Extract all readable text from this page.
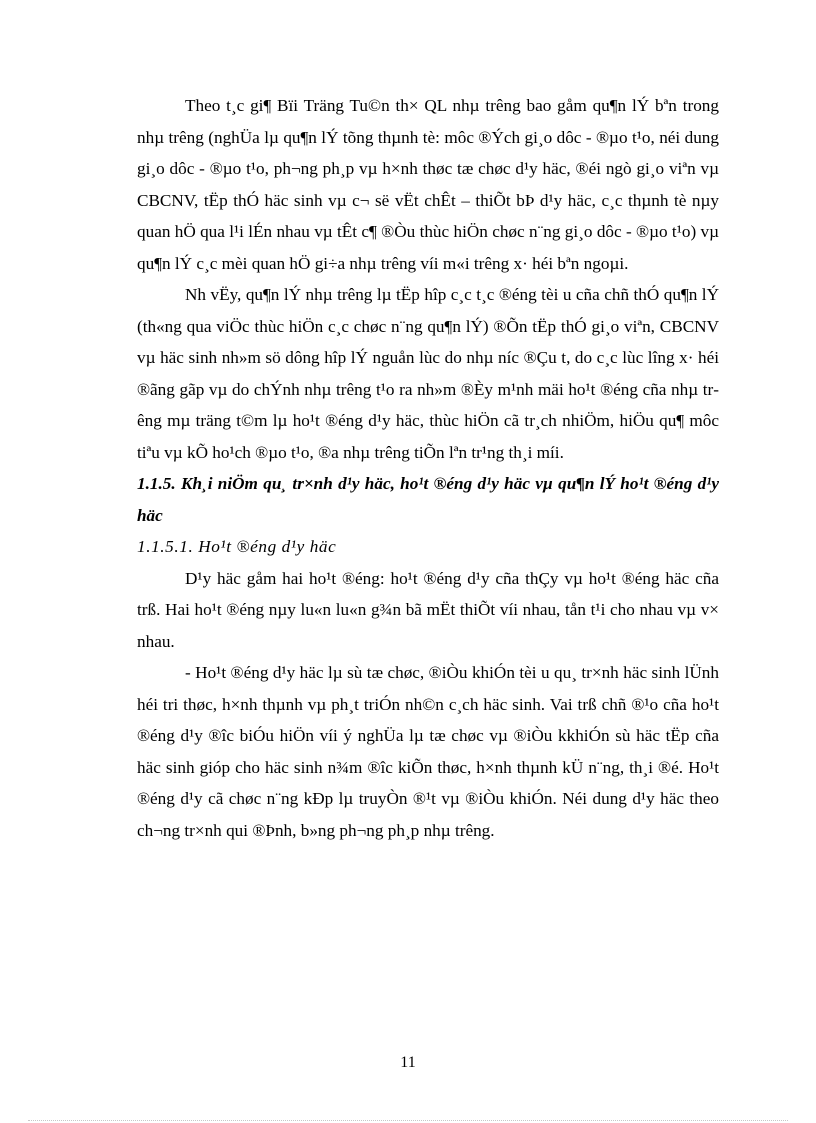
Theo t¸c gi¶ Bïi Träng Tu©n th× QL nhµ trêng bao gåm qu¶n lÝ bªn trong nhµ trêng (nghÜa lµ qu¶n lÝ tõng thµnh tè: môc ®Ých gi¸o dôc - ®µo t¹o, néi dung gi¸o dôc - ®µo t¹o, ph¬ng ph¸p vµ h×nh thøc tæ chøc d¹y häc, ®éi ngò gi¸o viªn vµ CBCNV, tËp thÓ häc sinh vµ c¬ së vËt chÊt – thiÕt bÞ d¹y häc, c¸c thµnh tè nµy quan hÖ qua l¹i lÉn nhau vµ tÊt c¶ ®Òu thùc hiÖn chøc n¨ng gi¸o dôc - ®µo t¹o) vµ qu¶n lÝ c¸c mèi quan hÖ gi÷a nhµ trêng víi m«i trêng x· héi bªn ngoµi.

Nh vËy, qu¶n lÝ nhµ trêng lµ tËp hîp c¸c t¸c ®éng tèi u cña chñ thÓ qu¶n lÝ (th«ng qua viÖc thùc hiÖn c¸c chøc n¨ng qu¶n lÝ) ®Õn tËp thÓ gi¸o viªn, CBCNV vµ häc sinh nh»m sö dông hîp lÝ nguån lùc do nhµ níc ®Çu t, do c¸c lùc lîng x· héi ®ãng gãp vµ do chÝnh nhµ trêng t¹o ra nh»m ®Èy m¹nh mäi ho¹t ®éng cña nhµ trêng mµ träng t©m lµ ho¹t ®éng d¹y häc, thùc hiÖn cã tr¸ch nhiÖm, hiÖu qu¶ môc tiªu vµ kÕ ho¹ch ®µo t¹o, ®a nhµ trêng tiÕn lªn tr¹ng th¸i míi.

1.1.5. Kh¸i niÖm qu¸ tr×nh d¹y häc, ho¹t ®éng d¹y häc vµ qu¶n lÝ ho¹t ®éng d¹y häc

1.1.5.1. Ho¹t ®éng d¹y häc

D¹y häc gåm hai ho¹t ®éng: ho¹t ®éng d¹y cña thÇy vµ ho¹t ®éng häc cña trß. Hai ho¹t ®éng nµy lu«n lu«n g¾n bã mËt thiÕt víi nhau, tån t¹i cho nhau vµ v× nhau.

- Ho¹t ®éng d¹y häc lµ sù tæ chøc, ®iÒu khiÓn tèi u qu¸ tr×nh häc sinh lÜnh héi tri thøc, h×nh thµnh vµ ph¸t triÓn nh©n c¸ch häc sinh. Vai trß chñ ®¹o cña ho¹t ®éng d¹y ®îc biÓu hiÖn víi ý nghÜa lµ tæ chøc vµ ®iÒu kkhiÓn sù häc tËp cña häc sinh gióp cho häc sinh n¾m ®îc kiÕn thøc, h×nh thµnh kÜ n¨ng, th¸i ®é. Ho¹t ®éng d¹y cã chøc n¨ng kÐp lµ truyÒn ®¹t vµ ®iÒu khiÓn. Néi dung d¹y häc theo ch¬ng tr×nh qui ®Þnh, b»ng ph¬ng ph¸p nhµ trêng.

11
